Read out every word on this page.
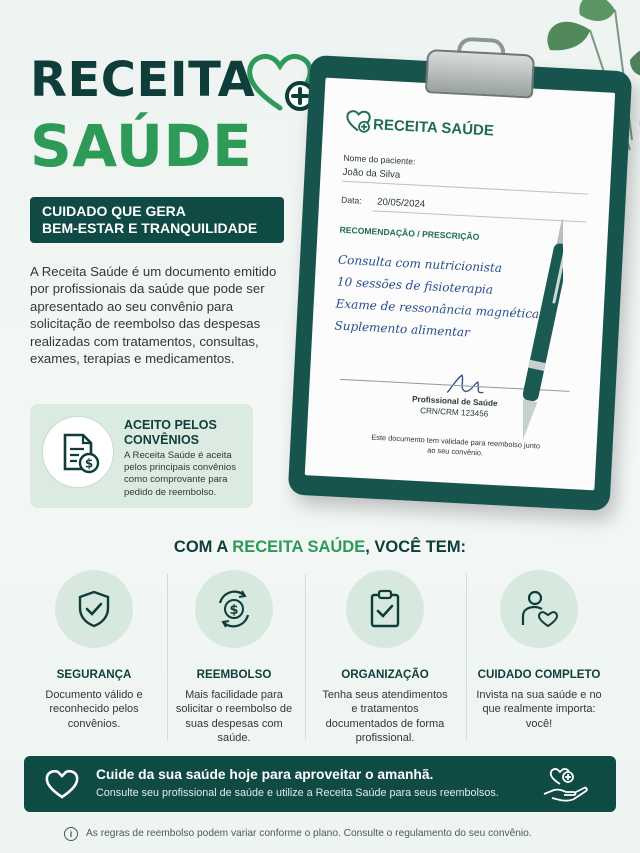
RECEITA
SAÚDE
CUIDADO QUE GERA
BEM-ESTAR E TRANQUILIDADE

A Receita Saúde é um documento emitido por profissionais da saúde que pode ser apresentado ao seu convênio para solicitação de reembolso das despesas realizadas com tratamentos, consultas, exames, terapias e medicamentos.

$
ACEITO PELOS
CONVÊNIOS
A Receita Saúde é aceita pelos principais convênios como comprovante para pedido de reembolso.
RECEITA SAÚDE
Nome do paciente:
João da Silva
Data: 20/05/2024
RECOMENDAÇÃO / PRESCRIÇÃO
Consulta com nutricionista
10 sessões de fisioterapia
Exame de ressonância magnética
Suplemento alimentar
Profissional de Saúde
CRN/CRM 123456
Este documento tem validade para reembolso junto ao seu convênio.
COM A RECEITA SAÚDE, VOCÊ TEM:
SEGURANÇA
Documento válido e reconhecido pelos convênios.
$
REEMBOLSO
Mais facilidade para solicitar o reembolso de suas despesas com saúde.
ORGANIZAÇÃO
Tenha seus atendimentos e tratamentos documentados de forma profissional.
CUIDADO COMPLETO
Invista na sua saúde e no que realmente importa: você!
Cuide da sua saúde hoje para aproveitar o amanhã.
Consulte seu profissional de saúde e utilize a Receita Saúde para seus reembolsos.
i	As regras de reembolso podem variar conforme o plano. Consulte o regulamento do seu convênio.
